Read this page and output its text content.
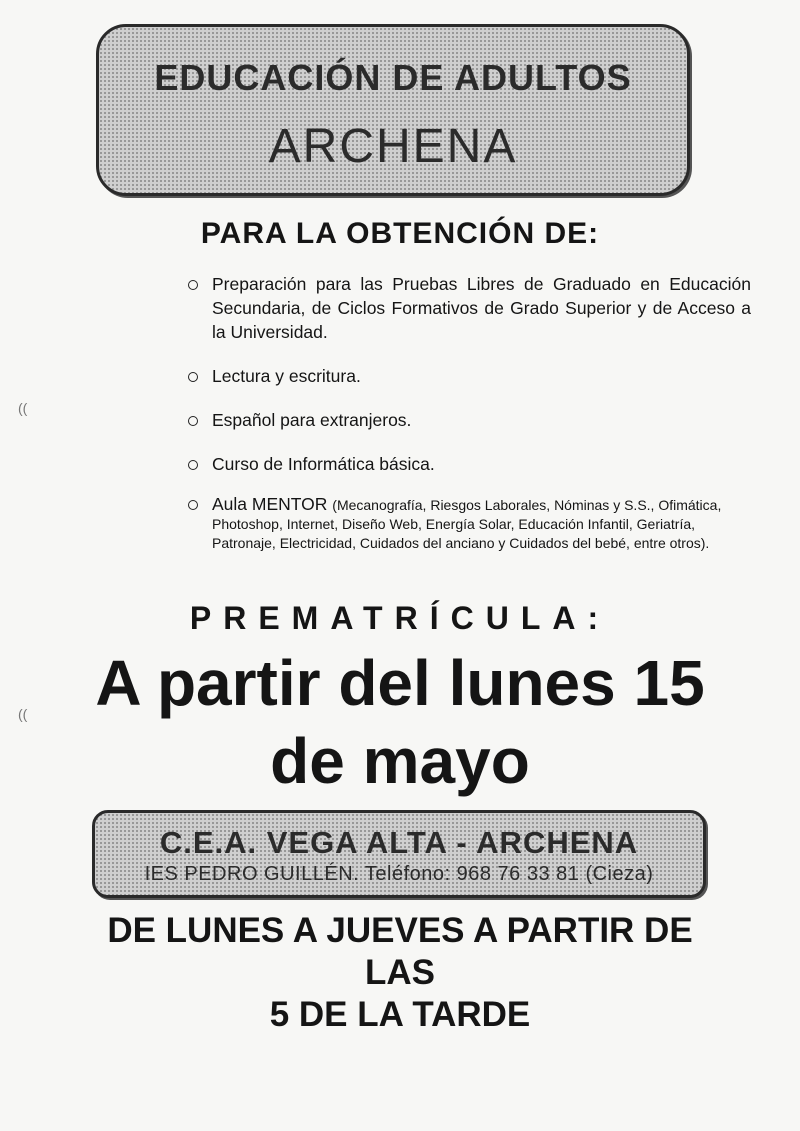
EDUCACIÓN DE ADULTOS
ARCHENA
PARA LA OBTENCIÓN DE:
Preparación para las Pruebas Libres de Graduado en Educación Secundaria, de Ciclos Formativos de Grado Superior y de Acceso a la Universidad.
Lectura y escritura.
Español para extranjeros.
Curso de Informática básica.
Aula MENTOR (Mecanografía, Riesgos Laborales, Nóminas y S.S., Ofimática, Photoshop, Internet, Diseño Web, Energía Solar, Educación Infantil, Geriatría, Patronaje, Electricidad, Cuidados del anciano y Cuidados del bebé, entre otros).
PREMATRÍCULA:
A partir del lunes 15
de mayo
C.E.A. VEGA ALTA - ARCHENA
IES PEDRO GUILLÉN. Teléfono: 968 76 33 81 (Cieza)
DE LUNES A JUEVES A PARTIR DE
LAS
5 DE LA TARDE
((
((
